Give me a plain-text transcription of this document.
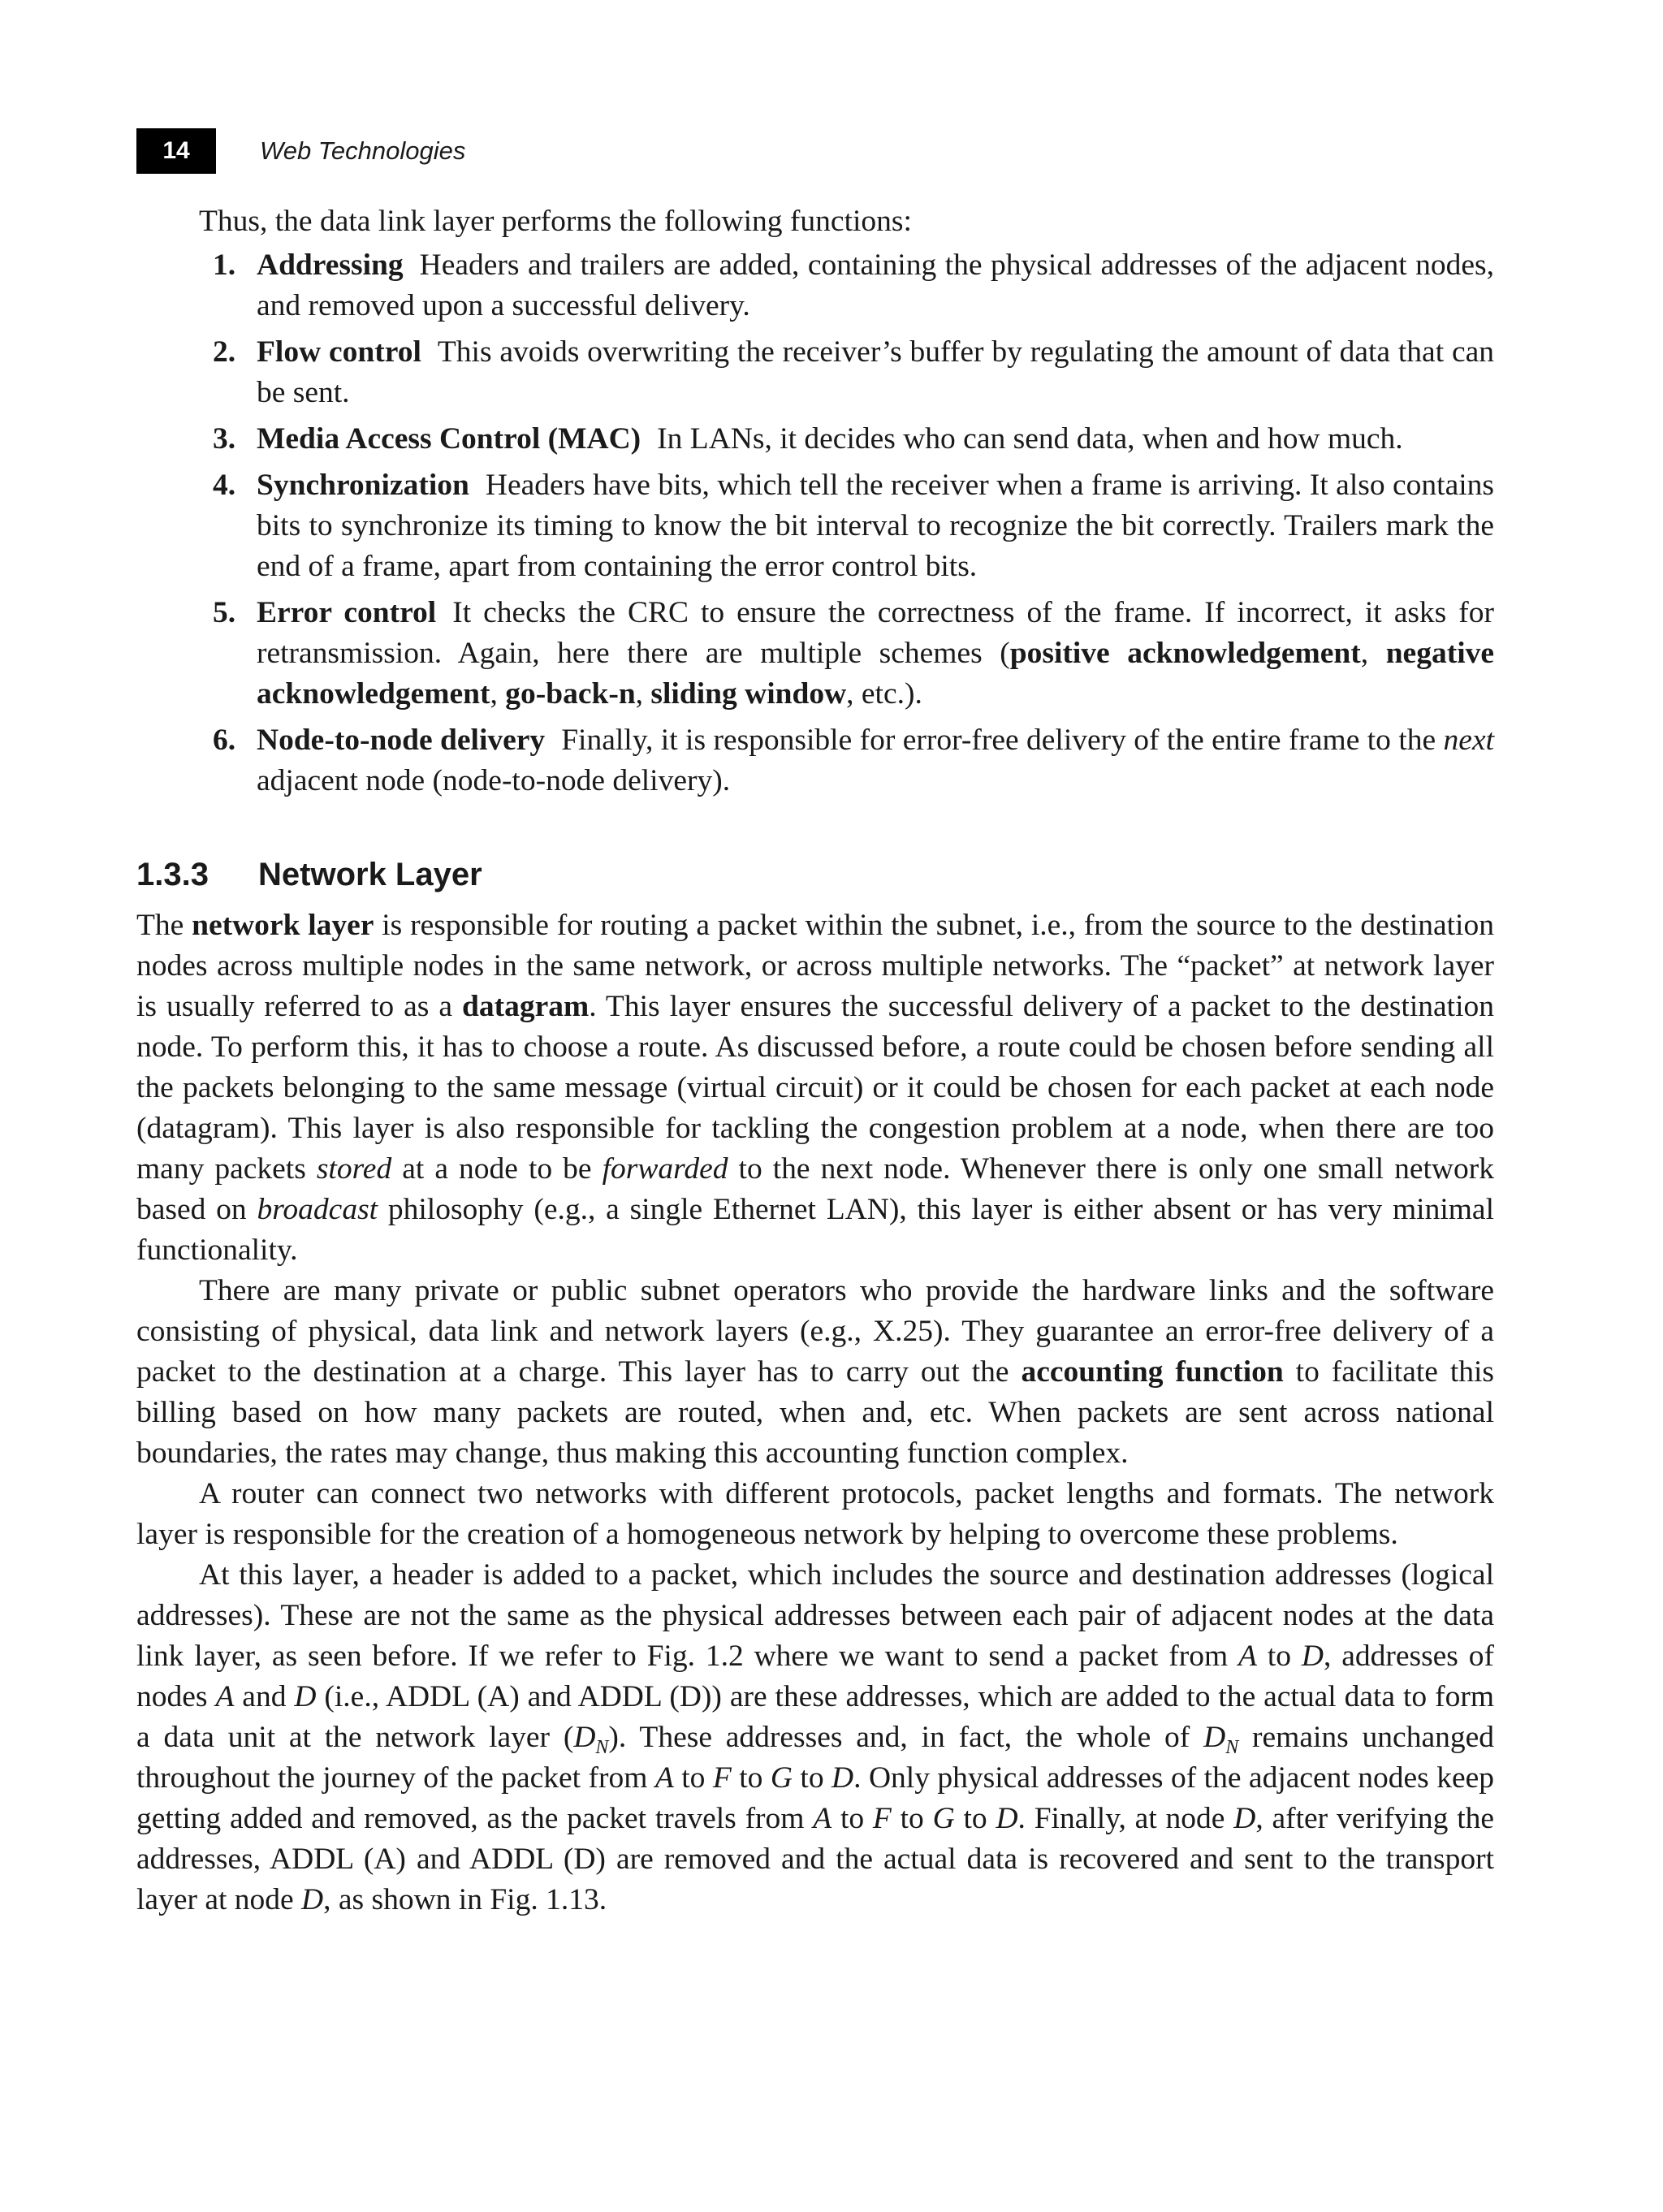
14	Web Technologies

Thus, the data link layer performs the following functions:

1. Addressing Headers and trailers are added, containing the physical addresses of the adjacent nodes, and removed upon a successful delivery.
2. Flow control This avoids overwriting the receiver’s buffer by regulating the amount of data that can be sent.
3. Media Access Control (MAC) In LANs, it decides who can send data, when and how much.
4. Synchronization Headers have bits, which tell the receiver when a frame is arriving. It also contains bits to synchronize its timing to know the bit interval to recognize the bit correctly. Trailers mark the end of a frame, apart from containing the error control bits.
5. Error control It checks the CRC to ensure the correctness of the frame. If incorrect, it asks for retransmission. Again, here there are multiple schemes (positive acknowledgement, negative acknowledgement, go-back-n, sliding window, etc.).
6. Node-to-node delivery Finally, it is responsible for error-free delivery of the entire frame to the next adjacent node (node-to-node delivery).
1.3.3	Network Layer

The network layer is responsible for routing a packet within the subnet, i.e., from the source to the destination nodes across multiple nodes in the same network, or across multiple networks. The “packet” at network layer is usually referred to as a datagram. This layer ensures the successful delivery of a packet to the destination node. To perform this, it has to choose a route. As discussed before, a route could be chosen before sending all the packets belonging to the same message (virtual circuit) or it could be chosen for each packet at each node (datagram). This layer is also responsible for tackling the congestion problem at a node, when there are too many packets stored at a node to be forwarded to the next node. Whenever there is only one small network based on broadcast philosophy (e.g., a single Ethernet LAN), this layer is either absent or has very minimal functionality.

There are many private or public subnet operators who provide the hardware links and the software consisting of physical, data link and network layers (e.g., X.25). They guarantee an error-free delivery of a packet to the destination at a charge. This layer has to carry out the accounting function to facilitate this billing based on how many packets are routed, when and, etc. When packets are sent across national boundaries, the rates may change, thus making this accounting function complex.

A router can connect two networks with different protocols, packet lengths and formats. The network layer is responsible for the creation of a homogeneous network by helping to overcome these problems.

At this layer, a header is added to a packet, which includes the source and destination addresses (logical addresses). These are not the same as the physical addresses between each pair of adjacent nodes at the data link layer, as seen before. If we refer to Fig. 1.2 where we want to send a packet from A to D, addresses of nodes A and D (i.e., ADDL (A) and ADDL (D)) are these addresses, which are added to the actual data to form a data unit at the network layer $(D_N)$. These addresses and, in fact, the whole of $D_N$ remains unchanged throughout the journey of the packet from A to F to G to D. Only physical addresses of the adjacent nodes keep getting added and removed, as the packet travels from A to F to G to D. Finally, at node D, after verifying the addresses, ADDL (A) and ADDL (D) are removed and the actual data is recovered and sent to the transport layer at node D, as shown in Fig. 1.13.
